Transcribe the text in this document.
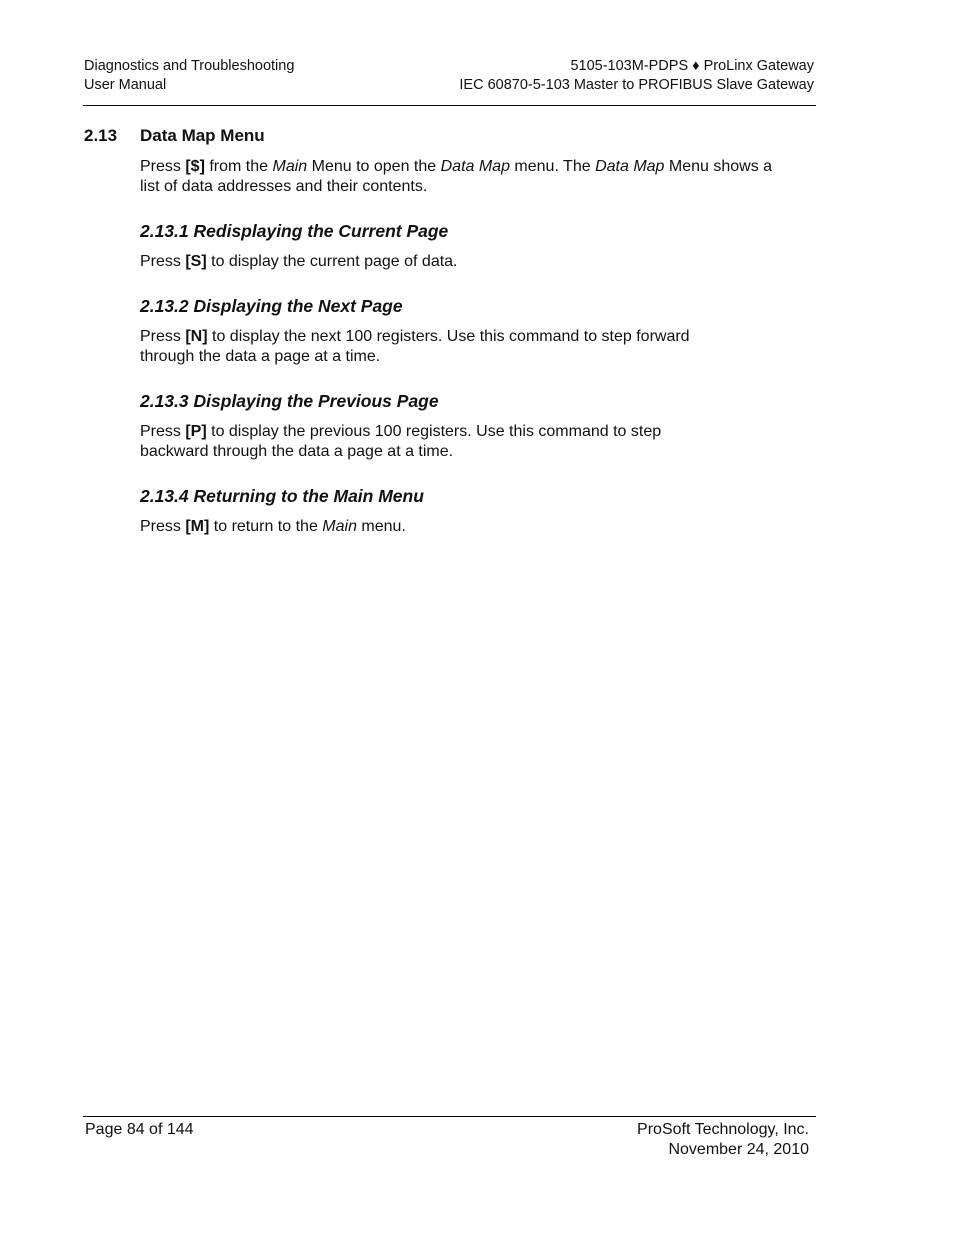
Diagnostics and Troubleshooting
User Manual
5105-103M-PDPS ♦ ProLinx Gateway
IEC 60870-5-103 Master to PROFIBUS Slave Gateway
2.13 Data Map Menu
Press [$] from the Main Menu to open the Data Map menu. The Data Map Menu shows a list of data addresses and their contents.
2.13.1 Redisplaying the Current Page
Press [S] to display the current page of data.
2.13.2 Displaying the Next Page
Press [N] to display the next 100 registers. Use this command to step forward through the data a page at a time.
2.13.3 Displaying the Previous Page
Press [P] to display the previous 100 registers. Use this command to step backward through the data a page at a time.
2.13.4 Returning to the Main Menu
Press [M] to return to the Main menu.
Page 84 of 144	ProSoft Technology, Inc.
November 24, 2010
